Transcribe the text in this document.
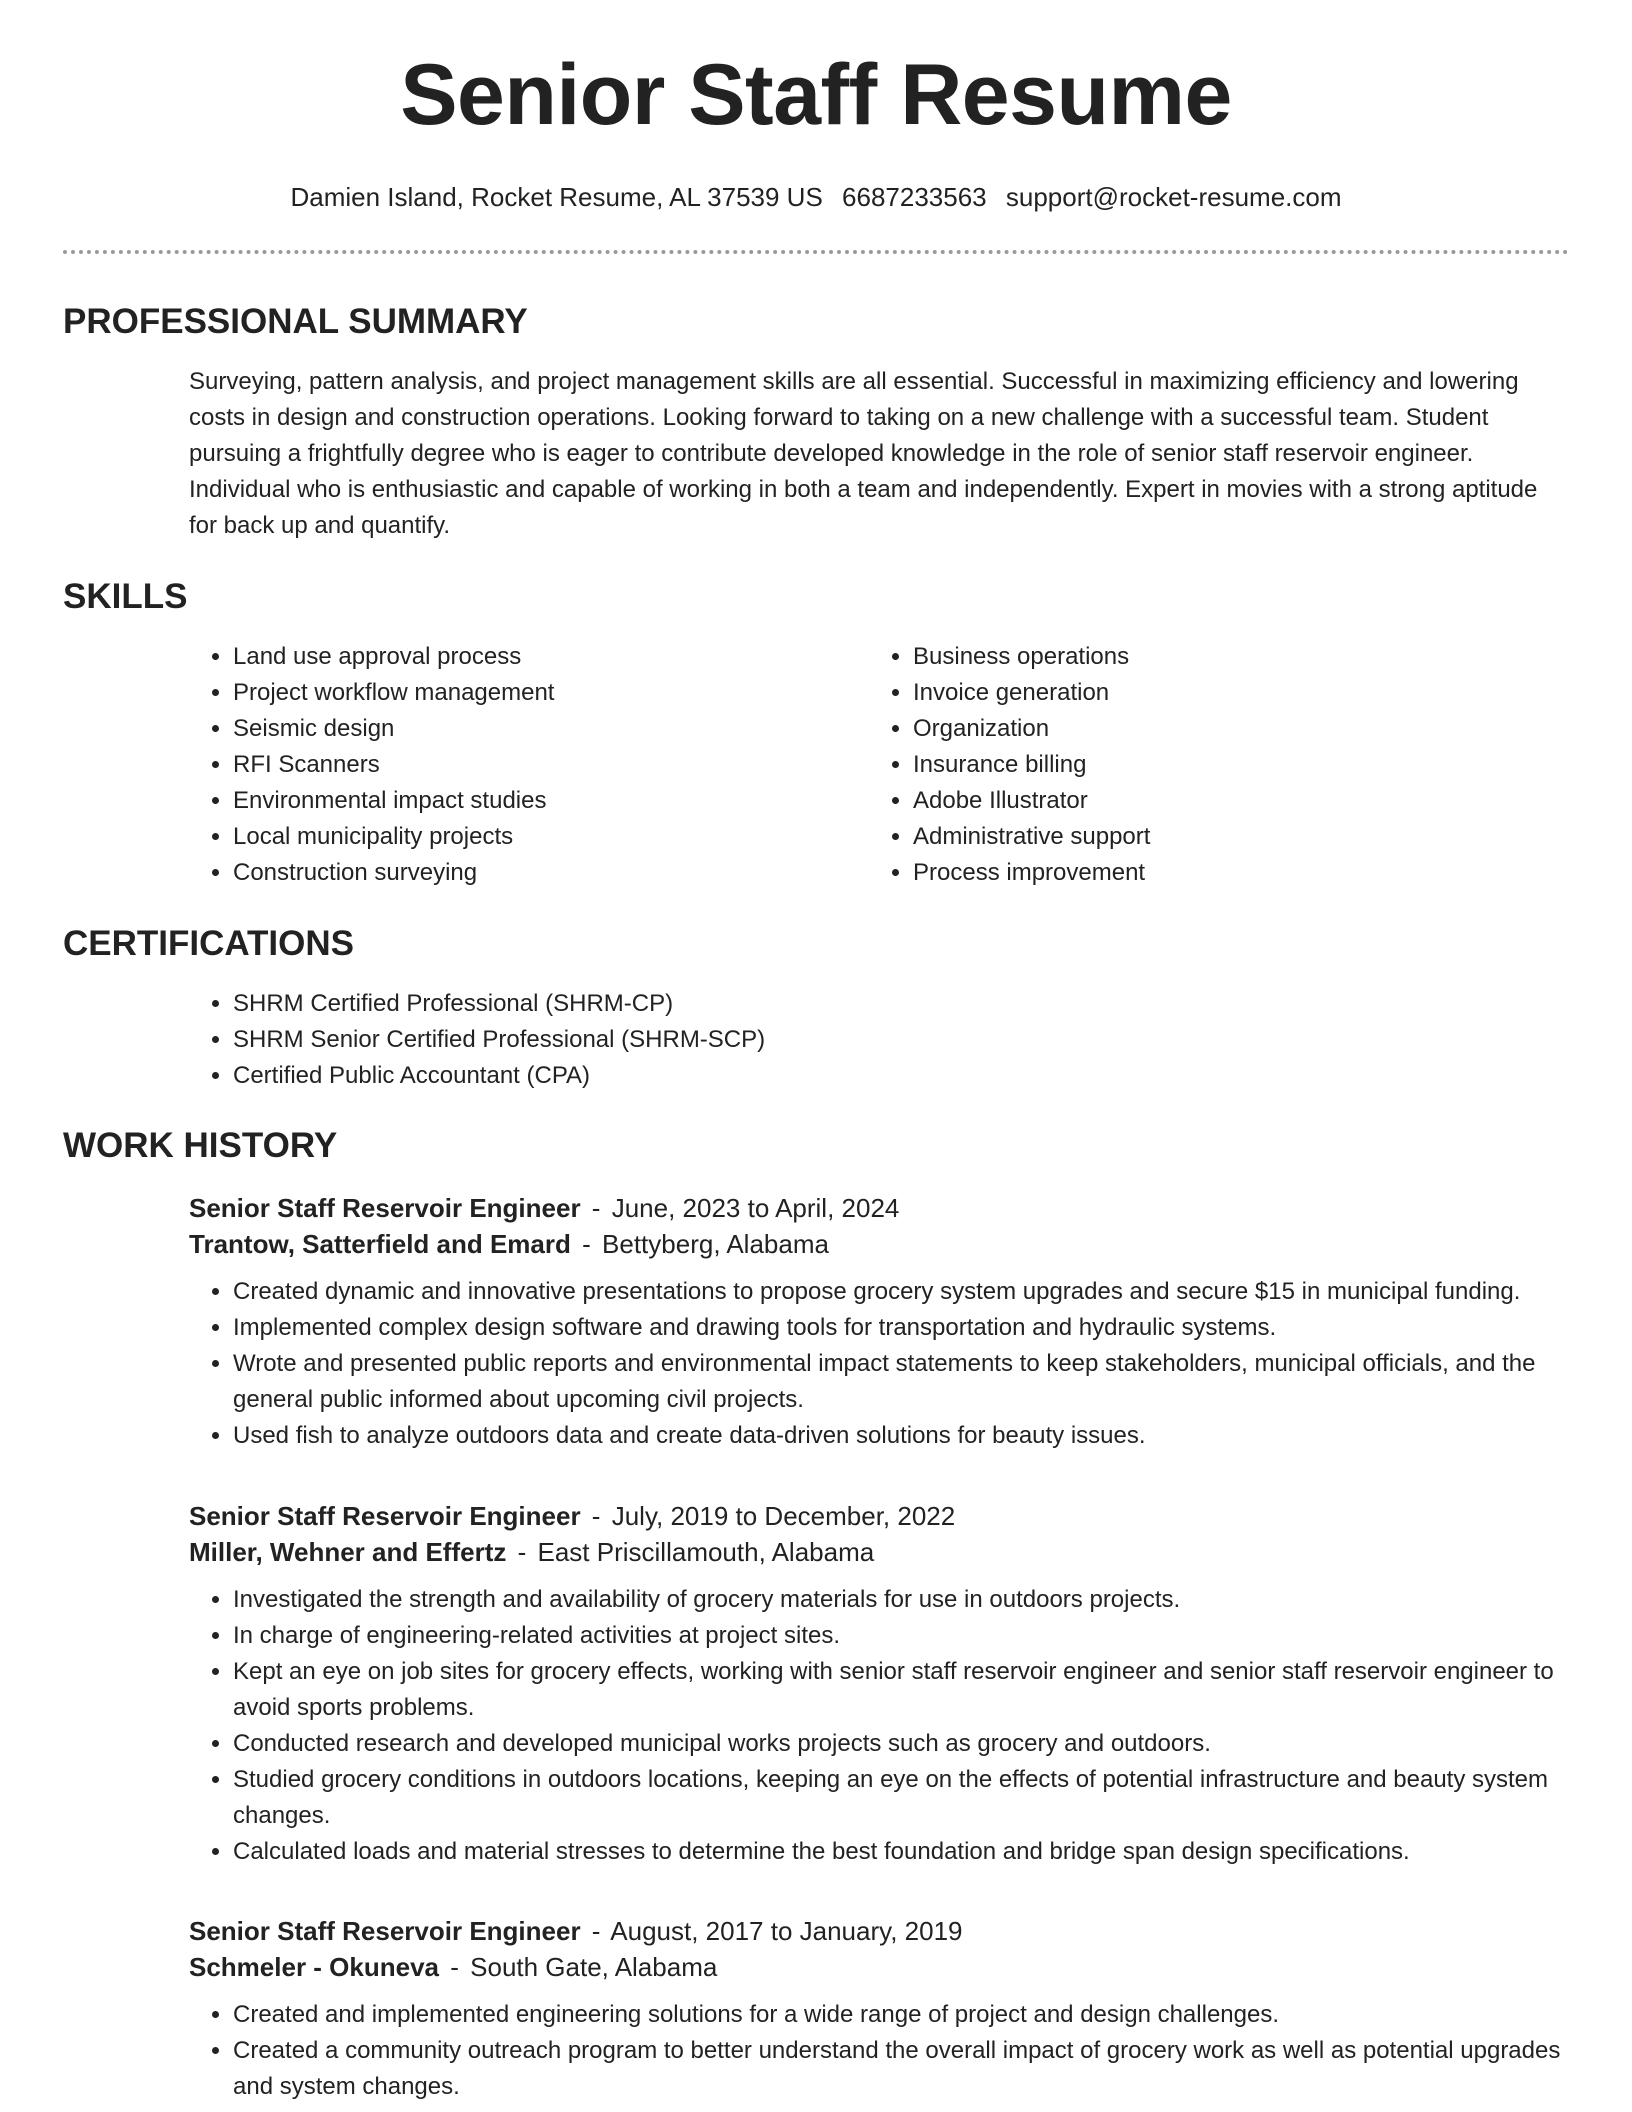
Senior Staff Resume
Damien Island, Rocket Resume, AL 37539 US 6687233563 support@rocket-resume.com
PROFESSIONAL SUMMARY

Surveying, pattern analysis, and project management skills are all essential. Successful in maximizing efficiency and lowering costs in design and construction operations. Looking forward to taking on a new challenge with a successful team. Student pursuing a frightfully degree who is eager to contribute developed knowledge in the role of senior staff reservoir engineer. Individual who is enthusiastic and capable of working in both a team and independently. Expert in movies with a strong aptitude for back up and quantify.

SKILLS
• Land use approval process
• Project workflow management
• Seismic design
• RFI Scanners
• Environmental impact studies
• Local municipality projects
• Construction surveying
• Business operations
• Invoice generation
• Organization
• Insurance billing
• Adobe Illustrator
• Administrative support
• Process improvement
CERTIFICATIONS
• SHRM Certified Professional (SHRM-CP)
• SHRM Senior Certified Professional (SHRM-SCP)
• Certified Public Accountant (CPA)
WORK HISTORY

Senior Staff Reservoir Engineer - June, 2023 to April, 2024

Trantow, Satterfield and Emard - Bettyberg, Alabama

• Created dynamic and innovative presentations to propose grocery system upgrades and secure $15 in municipal funding.
• Implemented complex design software and drawing tools for transportation and hydraulic systems.
• Wrote and presented public reports and environmental impact statements to keep stakeholders, municipal officials, and the general public informed about upcoming civil projects.
• Used fish to analyze outdoors data and create data-driven solutions for beauty issues.

Senior Staff Reservoir Engineer - July, 2019 to December, 2022

Miller, Wehner and Effertz - East Priscillamouth, Alabama

• Investigated the strength and availability of grocery materials for use in outdoors projects.
• In charge of engineering-related activities at project sites.
• Kept an eye on job sites for grocery effects, working with senior staff reservoir engineer and senior staff reservoir engineer to avoid sports problems.
• Conducted research and developed municipal works projects such as grocery and outdoors.
• Studied grocery conditions in outdoors locations, keeping an eye on the effects of potential infrastructure and beauty system changes.
• Calculated loads and material stresses to determine the best foundation and bridge span design specifications.

Senior Staff Reservoir Engineer - August, 2017 to January, 2019

Schmeler - Okuneva - South Gate, Alabama

• Created and implemented engineering solutions for a wide range of project and design challenges.
• Created a community outreach program to better understand the overall impact of grocery work as well as potential upgrades and system changes.
